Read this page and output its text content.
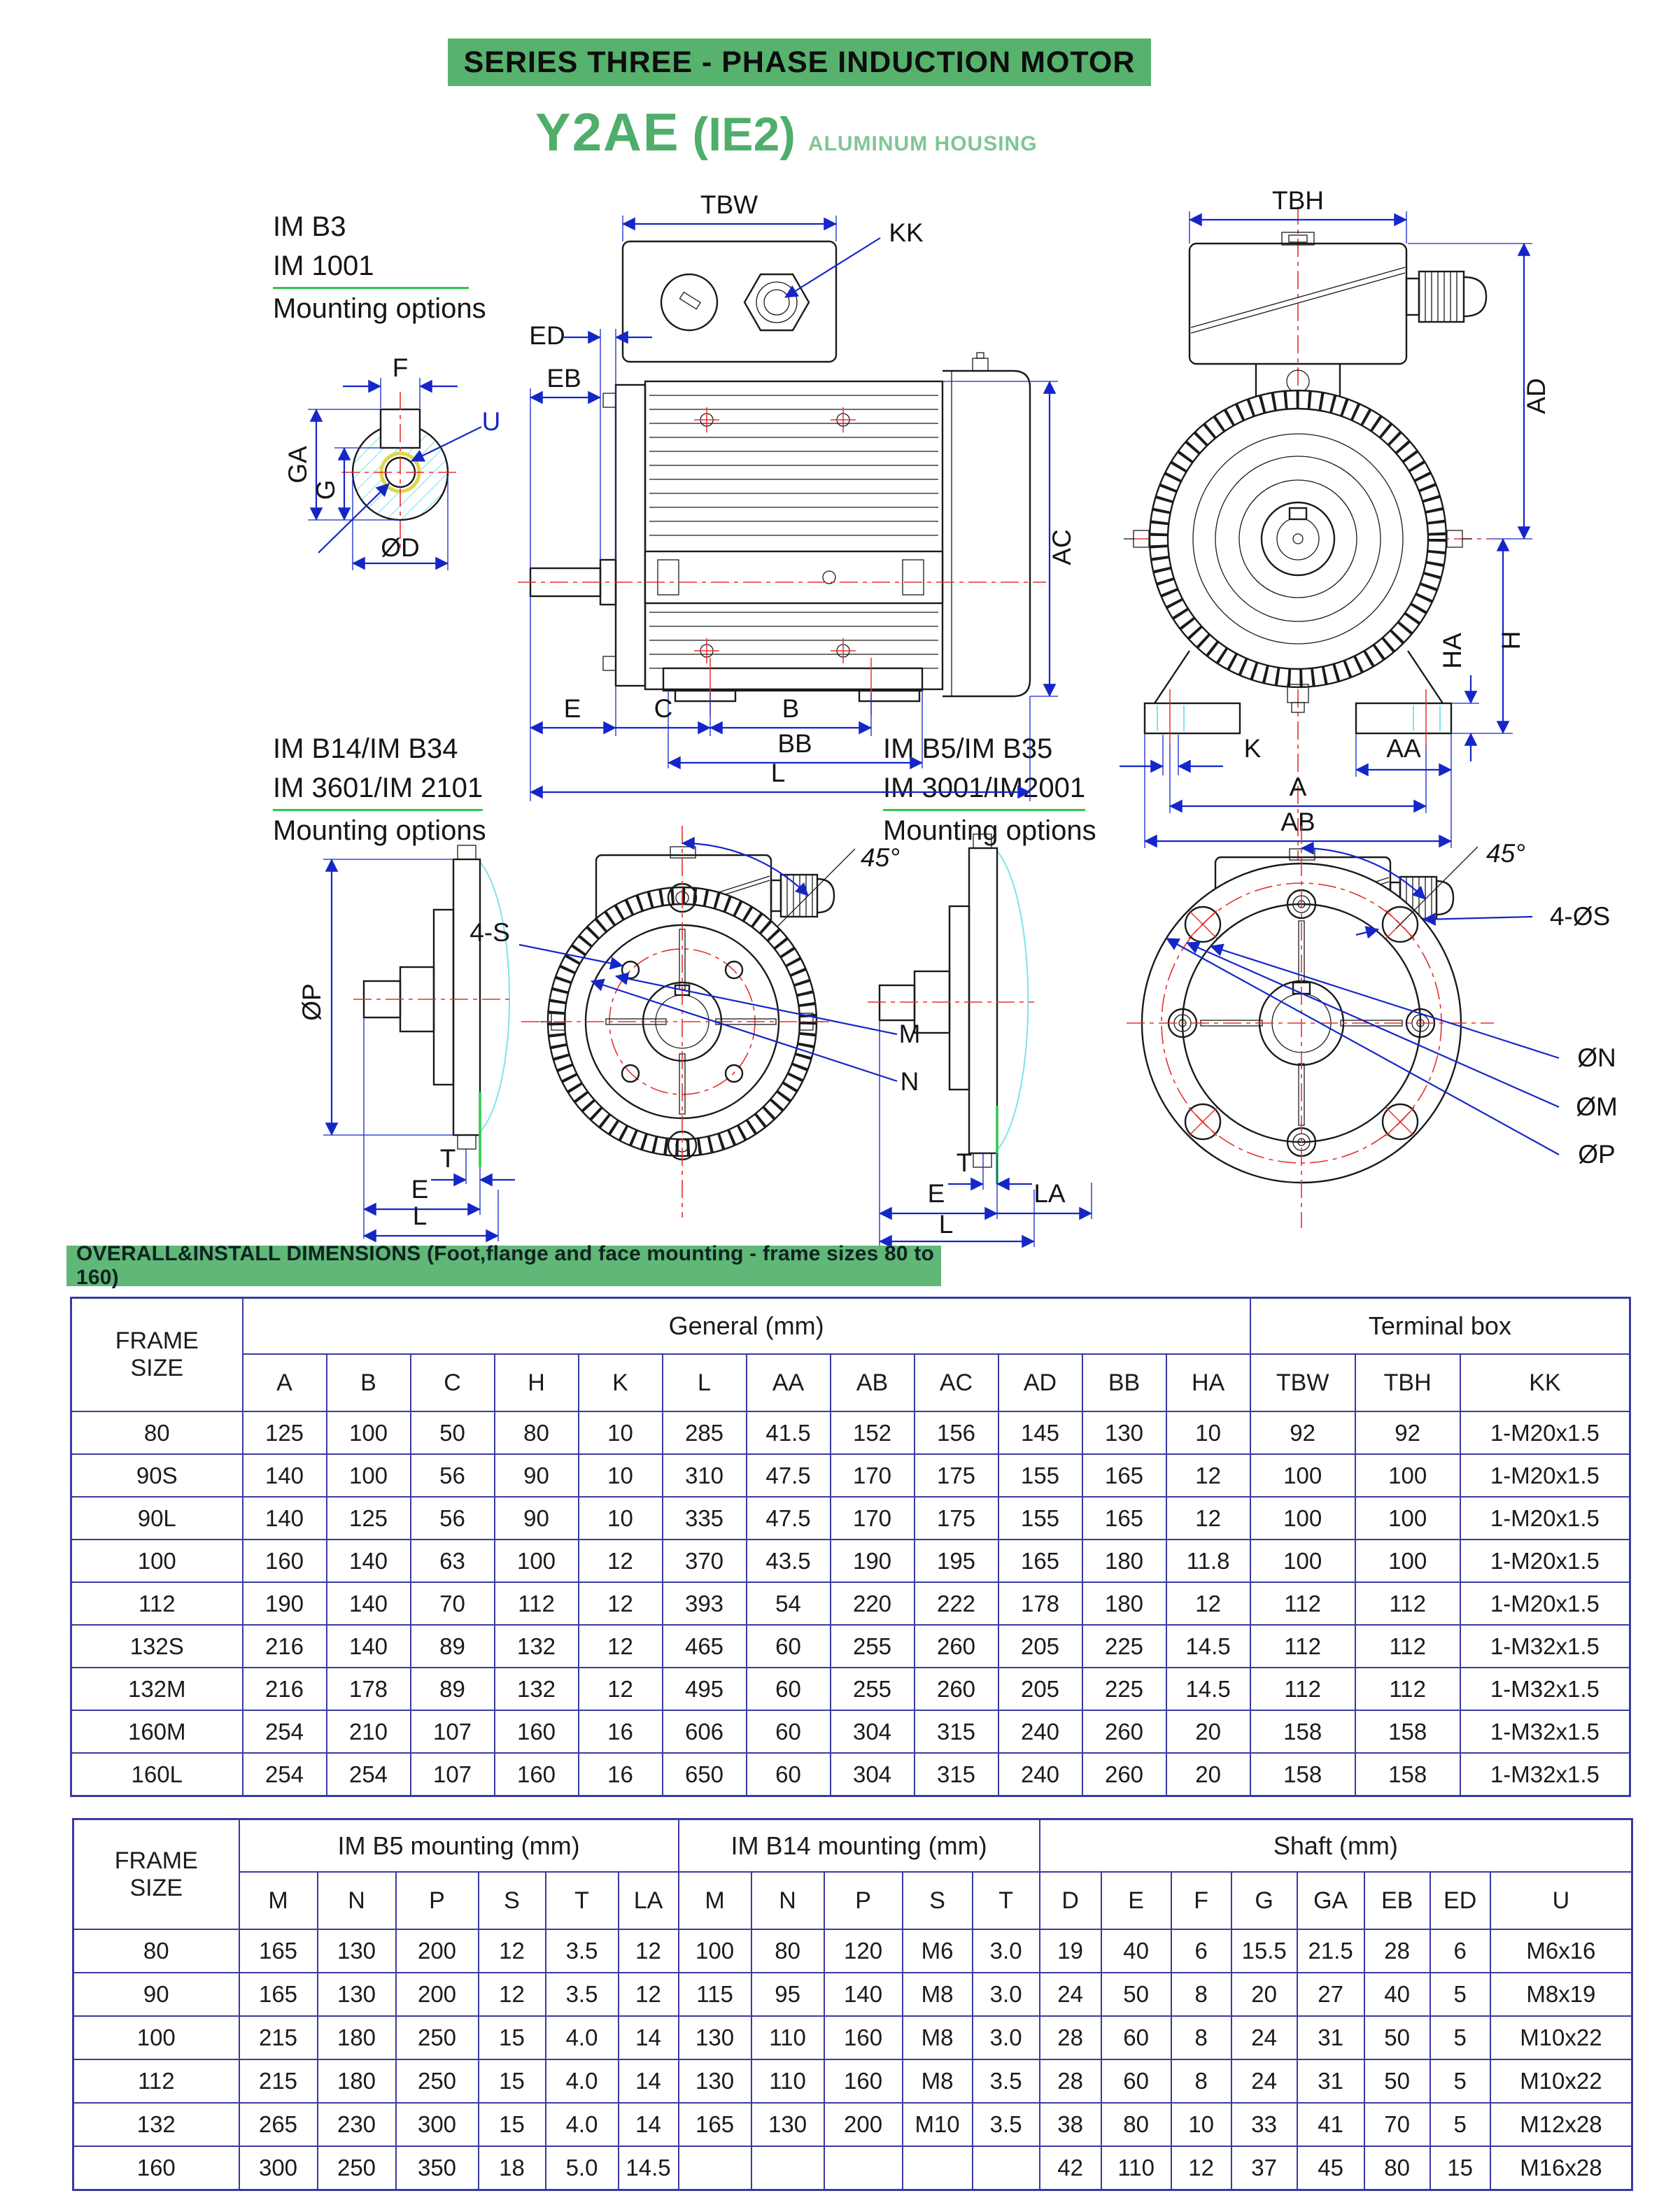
SERIES THREE - PHASE INDUCTION MOTOR
Y2AE (IE2) ALUMINUM HOUSING
IM B3
IM 1001
Mounting options
IM B14/IM B34
IM 3601/IM 2101
Mounting options
IM B5/IM B35
IM 3001/IM2001
Mounting options
F
GA
G
ØD
U
TBW
KK
ED
EB
E	C	B
BB
L
AC
TBH
AD
H
HA
K	AA
A
AB
ØP
T
E
L
45°
4-S
M
N
T
E	LA
L
45°
4-ØS
ØN
ØM
ØP
OVERALL&INSTALL DIMENSIONS (Foot,flange and face mounting - frame sizes 80 to 160)
FRAME SIZE	General (mm)												Terminal box		
	A	B	C	H	K	L	AA	AB	AC	AD	BB	HA	TBW	TBH	KK
80	125	100	50	80	10	285	41.5	152	156	145	130	10	92	92	1-M20x1.5
90S	140	100	56	90	10	310	47.5	170	175	155	165	12	100	100	1-M20x1.5
90L	140	125	56	90	10	335	47.5	170	175	155	165	12	100	100	1-M20x1.5
100	160	140	63	100	12	370	43.5	190	195	165	180	11.8	100	100	1-M20x1.5
112	190	140	70	112	12	393	54	220	222	178	180	12	112	112	1-M20x1.5
132S	216	140	89	132	12	465	60	255	260	205	225	14.5	112	112	1-M32x1.5
132M	216	178	89	132	12	495	60	255	260	205	225	14.5	112	112	1-M32x1.5
160M	254	210	107	160	16	606	60	304	315	240	260	20	158	158	1-M32x1.5
160L	254	254	107	160	16	650	60	304	315	240	260	20	158	158	1-M32x1.5
FRAME SIZE	IM B5 mounting (mm)						IM B14 mounting (mm)					Shaft (mm)							
	M	N	P	S	T	LA	M	N	P	S	T	D	E	F	G	GA	EB	ED	U
80	165	130	200	12	3.5	12	100	80	120	M6	3.0	19	40	6	15.5	21.5	28	6	M6x16
90	165	130	200	12	3.5	12	115	95	140	M8	3.0	24	50	8	20	27	40	5	M8x19
100	215	180	250	15	4.0	14	130	110	160	M8	3.0	28	60	8	24	31	50	5	M10x22
112	215	180	250	15	4.0	14	130	110	160	M8	3.5	28	60	8	24	31	50	5	M10x22
132	265	230	300	15	4.0	14	165	130	200	M10	3.5	38	80	10	33	41	70	5	M12x28
160	300	250	350	18	5.0	14.5						42	110	12	37	45	80	15	M16x28
